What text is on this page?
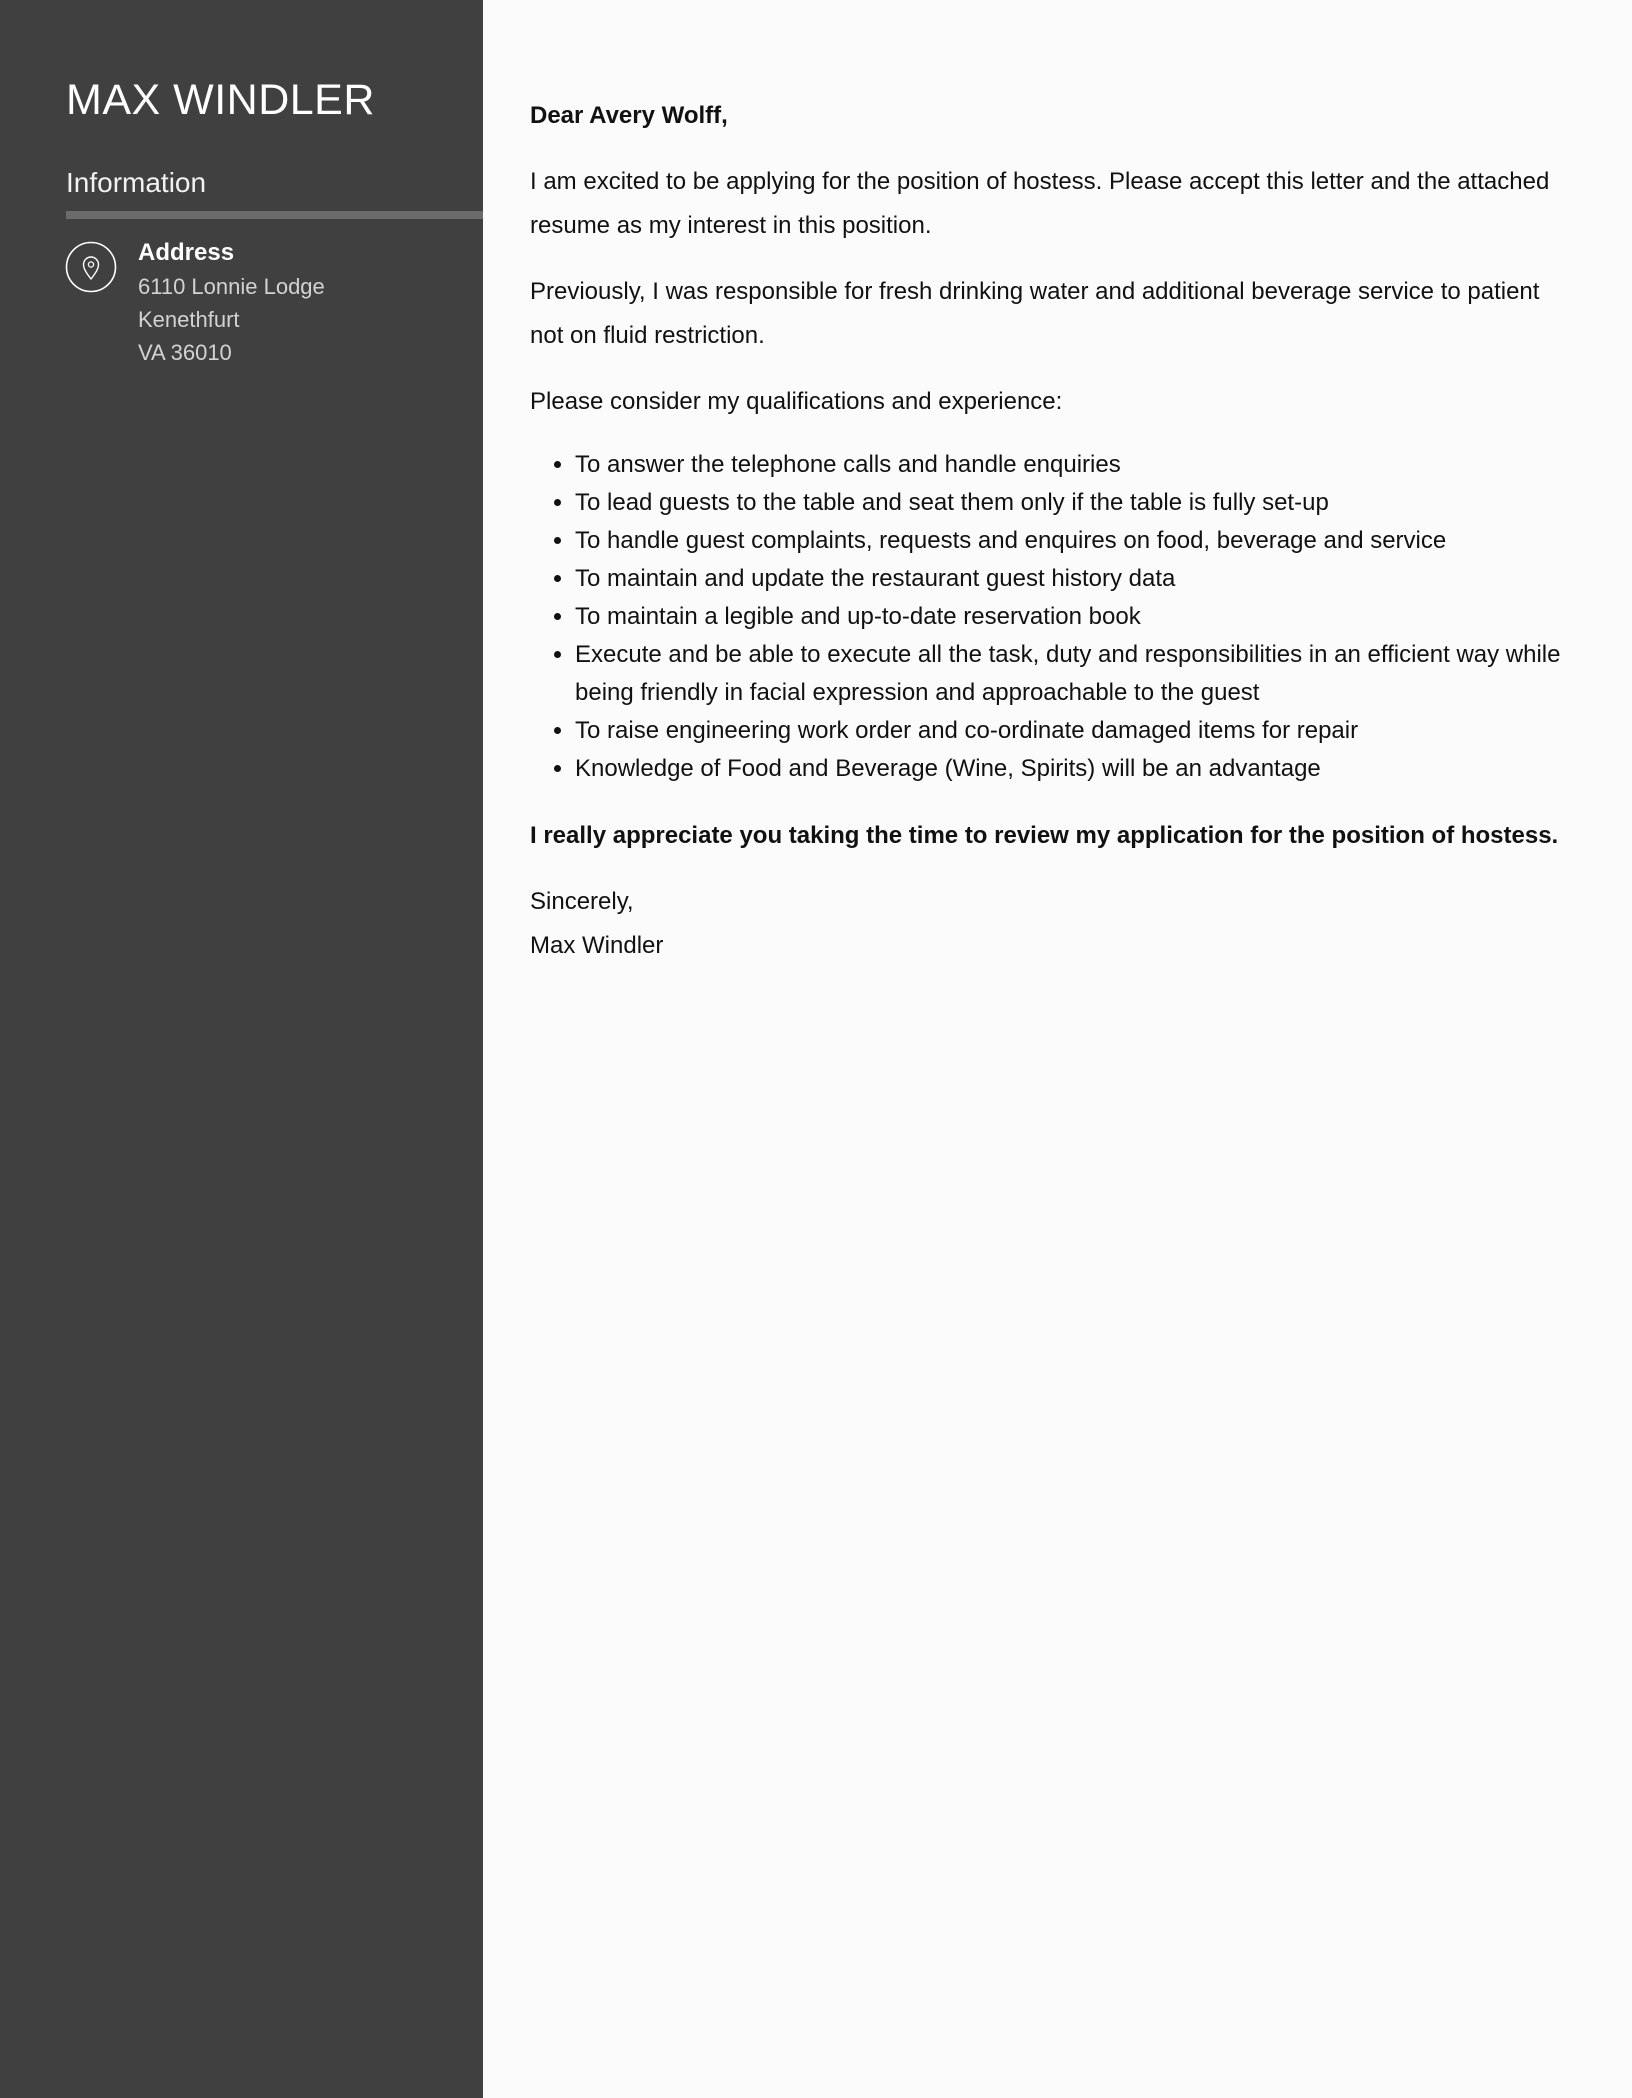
MAX WINDLER
Information
Address
6110 Lonnie Lodge
Kenethfurt
VA 36010

Dear Avery Wolff,

I am excited to be applying for the position of hostess. Please accept this letter and the attached resume as my interest in this position.

Previously, I was responsible for fresh drinking water and additional beverage service to patient not on fluid restriction.

Please consider my qualifications and experience:

• To answer the telephone calls and handle enquiries
• To lead guests to the table and seat them only if the table is fully set-up
• To handle guest complaints, requests and enquires on food, beverage and service
• To maintain and update the restaurant guest history data
• To maintain a legible and up-to-date reservation book
• Execute and be able to execute all the task, duty and responsibilities in an efficient way while being friendly in facial expression and approachable to the guest
• To raise engineering work order and co-ordinate damaged items for repair
• Knowledge of Food and Beverage (Wine, Spirits) will be an advantage

I really appreciate you taking the time to review my application for the position of hostess.

Sincerely,

Max Windler
